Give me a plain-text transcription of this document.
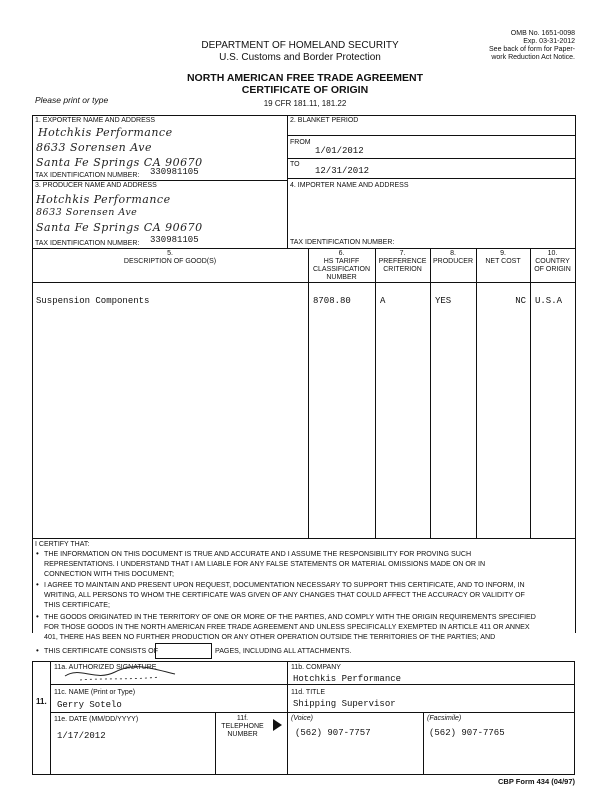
DEPARTMENT OF HOMELAND SECURITY
U.S. Customs and Border Protection
OMB No. 1651-0098
Exp. 03-31-2012
See back of form for Paper-
work Reduction Act Notice.
NORTH AMERICAN FREE TRADE AGREEMENT
CERTIFICATE OF ORIGIN
19 CFR 181.11, 181.22
Please print or type
1. EXPORTER NAME AND ADDRESS
Hotchkis Performance
8633 Sorensen Ave
Santa Fe Springs CA 90670
TAX IDENTIFICATION NUMBER: 330981105
2. BLANKET PERIOD
FROM
1/01/2012
TO
12/31/2012
3. PRODUCER NAME AND ADDRESS
Hotchkis Performance
8633 Sorensen Ave
Santa Fe Springs CA 90670
TAX IDENTIFICATION NUMBER: 330981105
4. IMPORTER NAME AND ADDRESS
TAX IDENTIFICATION NUMBER:
5.
DESCRIPTION OF GOOD(S)
6.
HS TARIFF
CLASSIFICATION
NUMBER
7.
PREFERENCE
CRITERION
8.
PRODUCER
9.
NET COST
10.
COUNTRY
OF ORIGIN
Suspension Components	8708.80	A	YES	NC U.S.A
I CERTIFY THAT:
• THE INFORMATION ON THIS DOCUMENT IS TRUE AND ACCURATE AND I ASSUME THE RESPONSIBILITY FOR PROVING SUCH
REPRESENTATIONS. I UNDERSTAND THAT I AM LIABLE FOR ANY FALSE STATEMENTS OR MATERIAL OMISSIONS MADE ON OR IN
CONNECTION WITH THIS DOCUMENT;
• I AGREE TO MAINTAIN AND PRESENT UPON REQUEST, DOCUMENTATION NECESSARY TO SUPPORT THIS CERTIFICATE, AND TO INFORM, IN
WRITING, ALL PERSONS TO WHOM THE CERTIFICATE WAS GIVEN OF ANY CHANGES THAT COULD AFFECT THE ACCURACY OR VALIDITY OF
THIS CERTIFICATE;
• THE GOODS ORIGINATED IN THE TERRITORY OF ONE OR MORE OF THE PARTIES, AND COMPLY WITH THE ORIGIN REQUIREMENTS SPECIFIED
FOR THOSE GOODS IN THE NORTH AMERICAN FREE TRADE AGREEMENT AND UNLESS SPECIFICALLY EXEMPTED IN ARTICLE 411 OR ANNEX
401, THERE HAS BEEN NO FURTHER PRODUCTION OR ANY OTHER OPERATION OUTSIDE THE TERRITORIES OF THE PARTIES; AND
• THIS CERTIFICATE CONSISTS OF	PAGES, INCLUDING ALL ATTACHMENTS.
11.
11a. AUTHORIZED SIGNATURE	11b. COMPANY
Hotchkis Performance
11c. NAME (Print or Type)
Gerry Sotelo
11d. TITLE
Shipping Supervisor
11e. DATE (MM/DD/YYYY)
1/17/2012
11f.
TELEPHONE
NUMBER
(Voice)
(562) 907-7757
(Facsimile)
(562) 907-7765
CBP Form 434 (04/97)
